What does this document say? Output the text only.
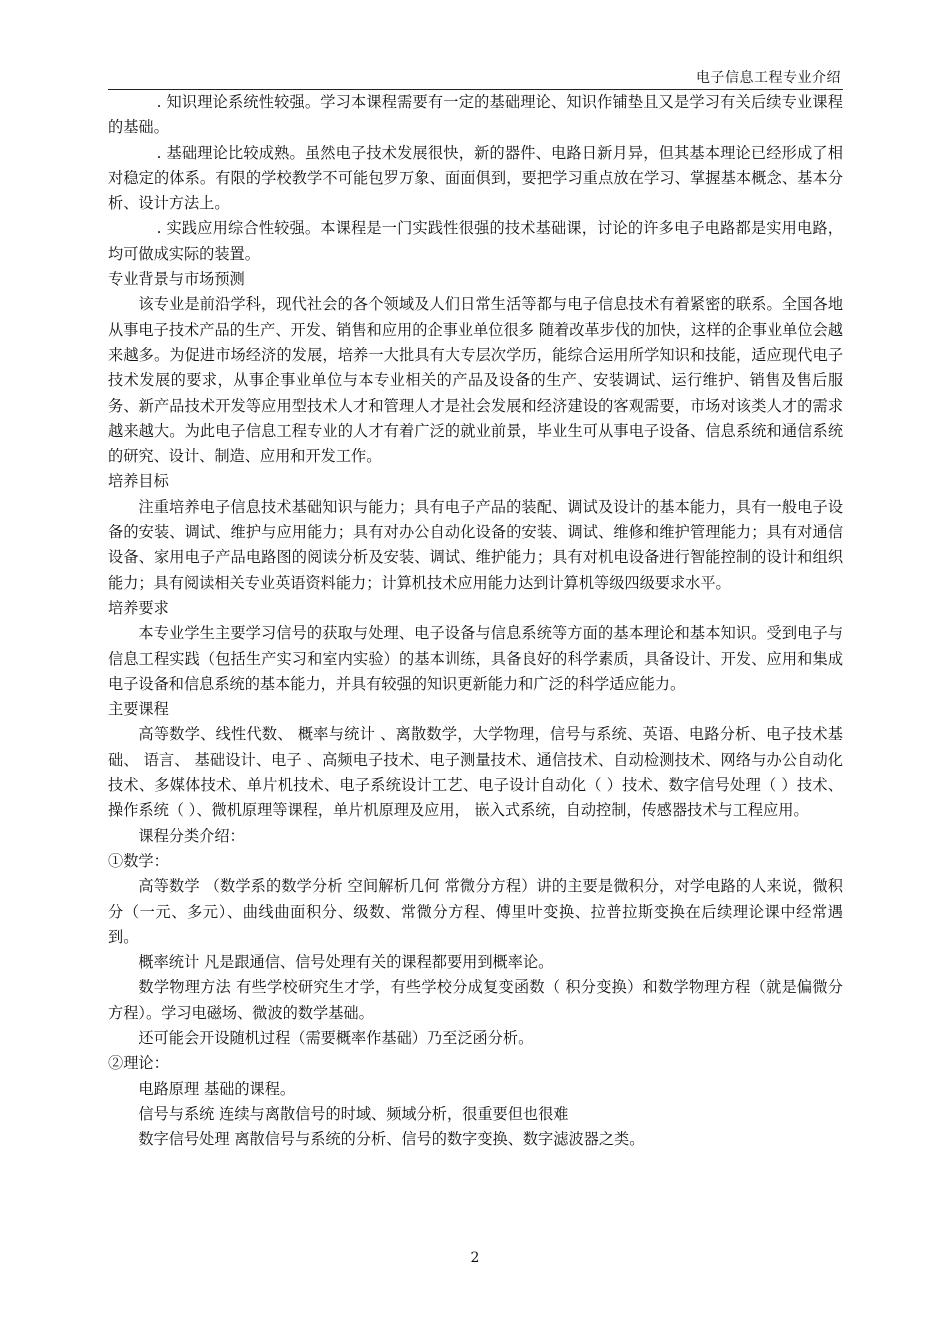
电子信息工程专业介绍

. 知识理论系统性较强。学习本课程需要有一定的基础理论、知识作铺垫且又是学习有关后续专业课程的基础。

. 基础理论比较成熟。虽然电子技术发展很快，新的器件、电路日新月异，但其基本理论已经形成了相对稳定的体系。有限的学校教学不可能包罗万象、面面俱到，要把学习重点放在学习、掌握基本概念、基本分析、设计方法上。

. 实践应用综合性较强。本课程是一门实践性很强的技术基础课，讨论的许多电子电路都是实用电路，均可做成实际的装置。

专业背景与市场预测

该专业是前沿学科，现代社会的各个领域及人们日常生活等都与电子信息技术有着紧密的联系。全国各地从事电子技术产品的生产、开发、销售和应用的企事业单位很多 随着改革步伐的加快，这样的企事业单位会越来越多。为促进市场经济的发展，培养一大批具有大专层次学历，能综合运用所学知识和技能，适应现代电子技术发展的要求，从事企事业单位与本专业相关的产品及设备的生产、安装调试、运行维护、销售及售后服务、新产品技术开发等应用型技术人才和管理人才是社会发展和经济建设的客观需要，市场对该类人才的需求越来越大。为此电子信息工程专业的人才有着广泛的就业前景，毕业生可从事电子设备、信息系统和通信系统的研究、设计、制造、应用和开发工作。

培养目标

注重培养电子信息技术基础知识与能力；具有电子产品的装配、调试及设计的基本能力，具有一般电子设备的安装、调试、维护与应用能力；具有对办公自动化设备的安装、调试、维修和维护管理能力；具有对通信设备、家用电子产品电路图的阅读分析及安装、调试、维护能力；具有对机电设备进行智能控制的设计和组织能力；具有阅读相关专业英语资料能力；计算机技术应用能力达到计算机等级四级要求水平。

培养要求

本专业学生主要学习信号的获取与处理、电子设备与信息系统等方面的基本理论和基本知识。受到电子与信息工程实践（包括生产实习和室内实验）的基本训练，具备良好的科学素质，具备设计、开发、应用和集成电子设备和信息系统的基本能力，并具有较强的知识更新能力和广泛的科学适应能力。

主要课程

高等数学、线性代数、 概率与统计 、离散数学，大学物理，信号与系统、英语、电路分析、电子技术基础、 语言、 基础设计、电子 、高频电子技术、电子测量技术、通信技术、自动检测技术、网络与办公自动化技术、多媒体技术、单片机技术、电子系统设计工艺、电子设计自动化（ ）技术、数字信号处理（ ）技术、操作系统（ ）、微机原理等课程，单片机原理及应用， 嵌入式系统，自动控制，传感器技术与工程应用。

课程分类介绍：

①数学：

高等数学 （数学系的数学分析 空间解析几何 常微分方程）讲的主要是微积分，对学电路的人来说，微积分（一元、多元）、曲线曲面积分、级数、常微分方程、傅里叶变换、拉普拉斯变换在后续理论课中经常遇到。

概率统计 凡是跟通信、信号处理有关的课程都要用到概率论。

数学物理方法 有些学校研究生才学，有些学校分成复变函数（ 积分变换）和数学物理方程（就是偏微分方程）。学习电磁场、微波的数学基础。

还可能会开设随机过程（需要概率作基础）乃至泛函分析。

②理论：

电路原理 基础的课程。

信号与系统 连续与离散信号的时域、频域分析，很重要但也很难

数字信号处理 离散信号与系统的分析、信号的数字变换、数字滤波器之类。

2
